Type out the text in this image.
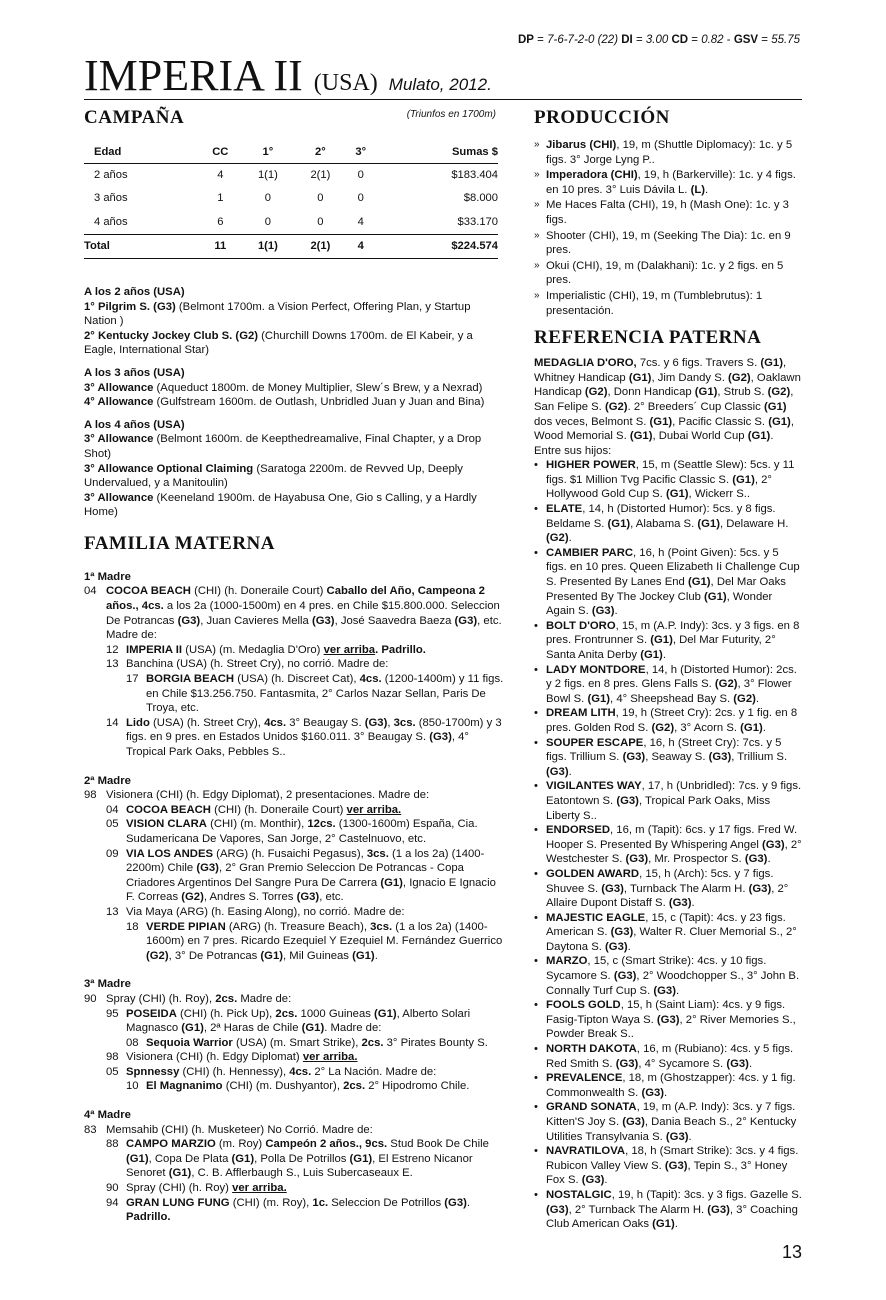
DP = 7-6-7-2-0 (22) DI = 3.00 CD = 0.82 - GSV = 55.75
IMPERIA II (USA) Mulato, 2012.
CAMPAÑA	(Triunfos en 1700m)
Edad	CC	1°	2°	3°	Sumas $
2 años	4	1(1)	2(1)	0	$183.404
3 años	1	0	0	0	$8.000
4 años	6	0	0	4	$33.170
Total	11	1(1)	2(1)	4	$224.574

A los 2 años (USA)

1° Pilgrim S. (G3) (Belmont 1700m. a Vision Perfect, Offering Plan, y Startup Nation )

2° Kentucky Jockey Club S. (G2) (Churchill Downs 1700m. de El Kabeir, y a Eagle, International Star)

A los 3 años (USA)

3° Allowance (Aqueduct 1800m. de Money Multiplier, Slew´s Brew, y a Nexrad)

4° Allowance (Gulfstream 1600m. de Outlash, Unbridled Juan y Juan and Bina)

A los 4 años (USA)

3° Allowance (Belmont 1600m. de Keepthedreamalive, Final Chapter, y a Drop Shot)

3° Allowance Optional Claiming (Saratoga 2200m. de Revved Up, Deeply Undervalued, y a Manitoulin)

3° Allowance (Keeneland 1900m. de Hayabusa One, Gio s Calling, y a Hardly Home)

FAMILIA MATERNA
1ª Madre
04 COCOA BEACH (CHI) (h. Doneraile Court) Caballo del Año, Campeona 2 años., 4cs. a los 2a (1000-1500m) en 4 pres. en Chile $15.800.000. Seleccion De Potrancas (G3), Juan Cavieres Mella (G3), José Saavedra Baeza (G3), etc. Madre de:
12 IMPERIA II (USA) (m. Medaglia D'Oro) ver arriba. Padrillo.
13 Banchina (USA) (h. Street Cry), no corrió. Madre de:
17 BORGIA BEACH (USA) (h. Discreet Cat), 4cs. (1200-1400m) y 11 figs. en Chile $13.256.750. Fantasmita, 2° Carlos Nazar Sellan, Paris De Troya, etc.
14 Lido (USA) (h. Street Cry), 4cs. 3° Beaugay S. (G3), 3cs. (850-1700m) y 3 figs. en 9 pres. en Estados Unidos $160.011. 3° Beaugay S. (G3), 4° Tropical Park Oaks, Pebbles S..
2ª Madre
98 Visionera (CHI) (h. Edgy Diplomat), 2 presentaciones. Madre de:
04 COCOA BEACH (CHI) (h. Doneraile Court) ver arriba.
05 VISION CLARA (CHI) (m. Monthir), 12cs. (1300-1600m) España, Cia. Sudamericana De Vapores, San Jorge, 2° Castelnuovo, etc.
09 VIA LOS ANDES (ARG) (h. Fusaichi Pegasus), 3cs. (1 a los 2a) (1400-2200m) Chile (G3), 2° Gran Premio Seleccion De Potrancas - Copa Criadores Argentinos Del Sangre Pura De Carrera (G1), Ignacio E Ignacio F. Correas (G2), Andres S. Torres (G3), etc.
13 Via Maya (ARG) (h. Easing Along), no corrió. Madre de:
18 VERDE PIPIAN (ARG) (h. Treasure Beach), 3cs. (1 a los 2a) (1400-1600m) en 7 pres. Ricardo Ezequiel Y Ezequiel M. Fernández Guerrico (G2), 3° De Potrancas (G1), Mil Guineas (G1).
3ª Madre
90 Spray (CHI) (h. Roy), 2cs. Madre de:
95 POSEIDA (CHI) (h. Pick Up), 2cs. 1000 Guineas (G1), Alberto Solari Magnasco (G1), 2ª Haras de Chile (G1). Madre de:
08 Sequoia Warrior (USA) (m. Smart Strike), 2cs. 3° Pirates Bounty S.
98 Visionera (CHI) (h. Edgy Diplomat) ver arriba.
05 Spnnessy (CHI) (h. Hennessy), 4cs. 2° La Nación. Madre de:
10 El Magnanimo (CHI) (m. Dushyantor), 2cs. 2° Hipodromo Chile.
4ª Madre
83 Memsahib (CHI) (h. Musketeer) No Corrió. Madre de:
88 CAMPO MARZIO (m. Roy) Campeón 2 años., 9cs. Stud Book De Chile (G1), Copa De Plata (G1), Polla De Potrillos (G1), El Estreno Nicanor Senoret (G1), C. B. Afflerbaugh S., Luis Subercaseaux E.
90 Spray (CHI) (h. Roy) ver arriba.
94 GRAN LUNG FUNG (CHI) (m. Roy), 1c. Seleccion De Potrillos (G3). Padrillo.
PRODUCCIÓN
» Jibarus (CHI), 19, m (Shuttle Diplomacy): 1c. y 5 figs. 3° Jorge Lyng P..
» Imperadora (CHI), 19, h (Barkerville): 1c. y 4 figs. en 10 pres. 3° Luis Dávila L. (L).
» Me Haces Falta (CHI), 19, h (Mash One): 1c. y 3 figs.
» Shooter (CHI), 19, m (Seeking The Dia): 1c. en 9 pres.
» Okui (CHI), 19, m (Dalakhani): 1c. y 2 figs. en 5 pres.
» Imperialistic (CHI), 19, m (Tumblebrutus): 1 presentación.
REFERENCIA PATERNA
MEDAGLIA D'ORO, 7cs. y 6 figs. Travers S. (G1), Whitney Handicap (G1), Jim Dandy S. (G2), Oaklawn Handicap (G2), Donn Handicap (G1), Strub S. (G2), San Felipe S. (G2). 2° Breeders´ Cup Classic (G1) dos veces, Belmont S. (G1), Pacific Classic S. (G1), Wood Memorial S. (G1), Dubai World Cup (G1). Entre sus hijos:
• HIGHER POWER, 15, m (Seattle Slew): 5cs. y 11 figs. $1 Million Tvg Pacific Classic S. (G1), 2° Hollywood Gold Cup S. (G1), Wickerr S..
• ELATE, 14, h (Distorted Humor): 5cs. y 8 figs. Beldame S. (G1), Alabama S. (G1), Delaware H. (G2).
• CAMBIER PARC, 16, h (Point Given): 5cs. y 5 figs. en 10 pres. Queen Elizabeth Ii Challenge Cup S. Presented By Lanes End (G1), Del Mar Oaks Presented By The Jockey Club (G1), Wonder Again S. (G3).
• BOLT D'ORO, 15, m (A.P. Indy): 3cs. y 3 figs. en 8 pres. Frontrunner S. (G1), Del Mar Futurity, 2° Santa Anita Derby (G1).
• LADY MONTDORE, 14, h (Distorted Humor): 2cs. y 2 figs. en 8 pres. Glens Falls S. (G2), 3° Flower Bowl S. (G1), 4° Sheepshead Bay S. (G2).
• DREAM LITH, 19, h (Street Cry): 2cs. y 1 fig. en 8 pres. Golden Rod S. (G2), 3° Acorn S. (G1).
• SOUPER ESCAPE, 16, h (Street Cry): 7cs. y 5 figs. Trillium S. (G3), Seaway S. (G3), Trillium S. (G3).
• VIGILANTES WAY, 17, h (Unbridled): 7cs. y 9 figs. Eatontown S. (G3), Tropical Park Oaks, Miss Liberty S..
• ENDORSED, 16, m (Tapit): 6cs. y 17 figs. Fred W. Hooper S. Presented By Whispering Angel (G3), 2° Westchester S. (G3), Mr. Prospector S. (G3).
• GOLDEN AWARD, 15, h (Arch): 5cs. y 7 figs. Shuvee S. (G3), Turnback The Alarm H. (G3), 2° Allaire Dupont Distaff S. (G3).
• MAJESTIC EAGLE, 15, c (Tapit): 4cs. y 23 figs. American S. (G3), Walter R. Cluer Memorial S., 2° Daytona S. (G3).
• MARZO, 15, c (Smart Strike): 4cs. y 10 figs. Sycamore S. (G3), 2° Woodchopper S., 3° John B. Connally Turf Cup S. (G3).
• FOOLS GOLD, 15, h (Saint Liam): 4cs. y 9 figs. Fasig-Tipton Waya S. (G3), 2° River Memories S., Powder Break S..
• NORTH DAKOTA, 16, m (Rubiano): 4cs. y 5 figs. Red Smith S. (G3), 4° Sycamore S. (G3).
• PREVALENCE, 18, m (Ghostzapper): 4cs. y 1 fig. Commonwealth S. (G3).
• GRAND SONATA, 19, m (A.P. Indy): 3cs. y 7 figs. Kitten'S Joy S. (G3), Dania Beach S., 2° Kentucky Utilities Transylvania S. (G3).
• NAVRATILOVA, 18, h (Smart Strike): 3cs. y 4 figs. Rubicon Valley View S. (G3), Tepin S., 3° Honey Fox S. (G3).
• NOSTALGIC, 19, h (Tapit): 3cs. y 3 figs. Gazelle S. (G3), 2° Turnback The Alarm H. (G3), 3° Coaching Club American Oaks (G1).
13
